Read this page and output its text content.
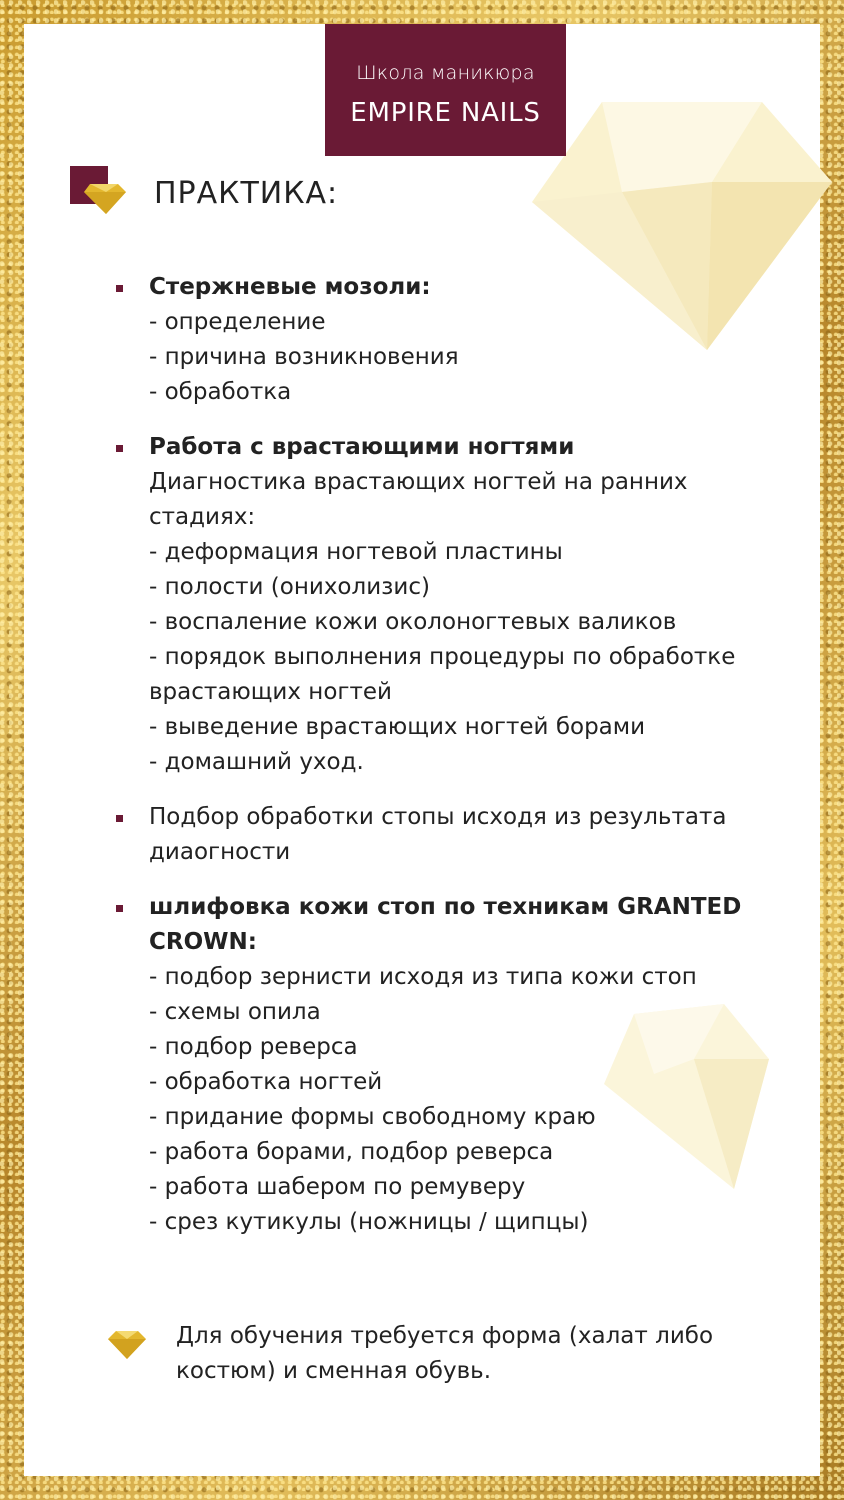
Школа маникюра
EMPIRE NAILS
ПРАКТИКА:
Стержневые мозоли:
- определение
- причина возникновения
- обработка
Работа с врастающими ногтями
Диагностика врастающих ногтей на ранних стадиях:
- деформация ногтевой пластины
- полости (онихолизис)
- воспаление кожи околоногтевых валиков
- порядок выполнения процедуры по обработке врастающих ногтей
- выведение врастающих ногтей борами
- домашний уход.
Подбор обработки стопы исходя из результата диаогности
шлифовка кожи стоп по техникам GRANTED CROWN:
- подбор зернисти исходя из типа кожи стоп
- схемы опила
- подбор реверса
- обработка ногтей
- придание формы свободному краю
- работа борами, подбор реверса
- работа шабером по ремуверу
- срез кутикулы (ножницы / щипцы)
Для обучения требуется форма (халат либо костюм) и сменная обувь.
